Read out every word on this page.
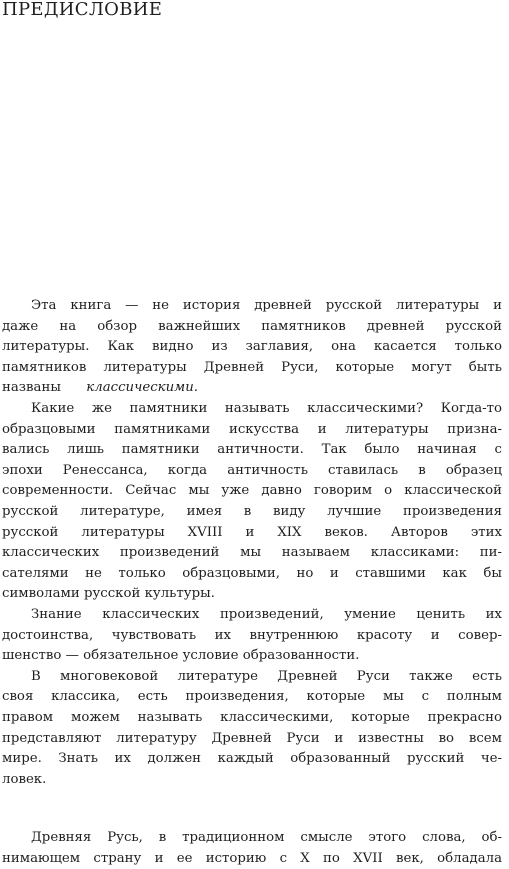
ПРЕДИСЛОВИЕ
Эта книга — не история древней русской литературы и
даже на обзор важнейших памятников древней русской
литературы. Как видно из заглавия, она касается только
памятников литературы Древней Руси, которые могут быть
названы классическими.
Какие же памятники называть классическими? Когда-то
образцовыми памятниками искусства и литературы призна-
вались лишь памятники античности. Так было начиная с
эпохи Ренессанса, когда античность ставилась в образец
современности. Сейчас мы уже давно говорим о классической
русской литературе, имея в виду лучшие произведения
русской литературы XVIII и XIX веков. Авторов этих
классических произведений мы называем классиками: пи-
сателями не только образцовыми, но и ставшими как бы
символами русской культуры.
Знание классических произведений, умение ценить их
достоинства, чувствовать их внутреннюю красоту и совер-
шенство — обязательное условие образованности.
В многовековой литературе Древней Руси также есть
своя классика, есть произведения, которые мы с полным
правом можем называть классическими, которые прекрасно
представляют литературу Древней Руси и известны во всем
мире. Знать их должен каждый образованный русский че-
ловек.
Древняя Русь, в традиционном смысле этого слова, об-
нимающем страну и ее историю с X по XVII век, обладала
